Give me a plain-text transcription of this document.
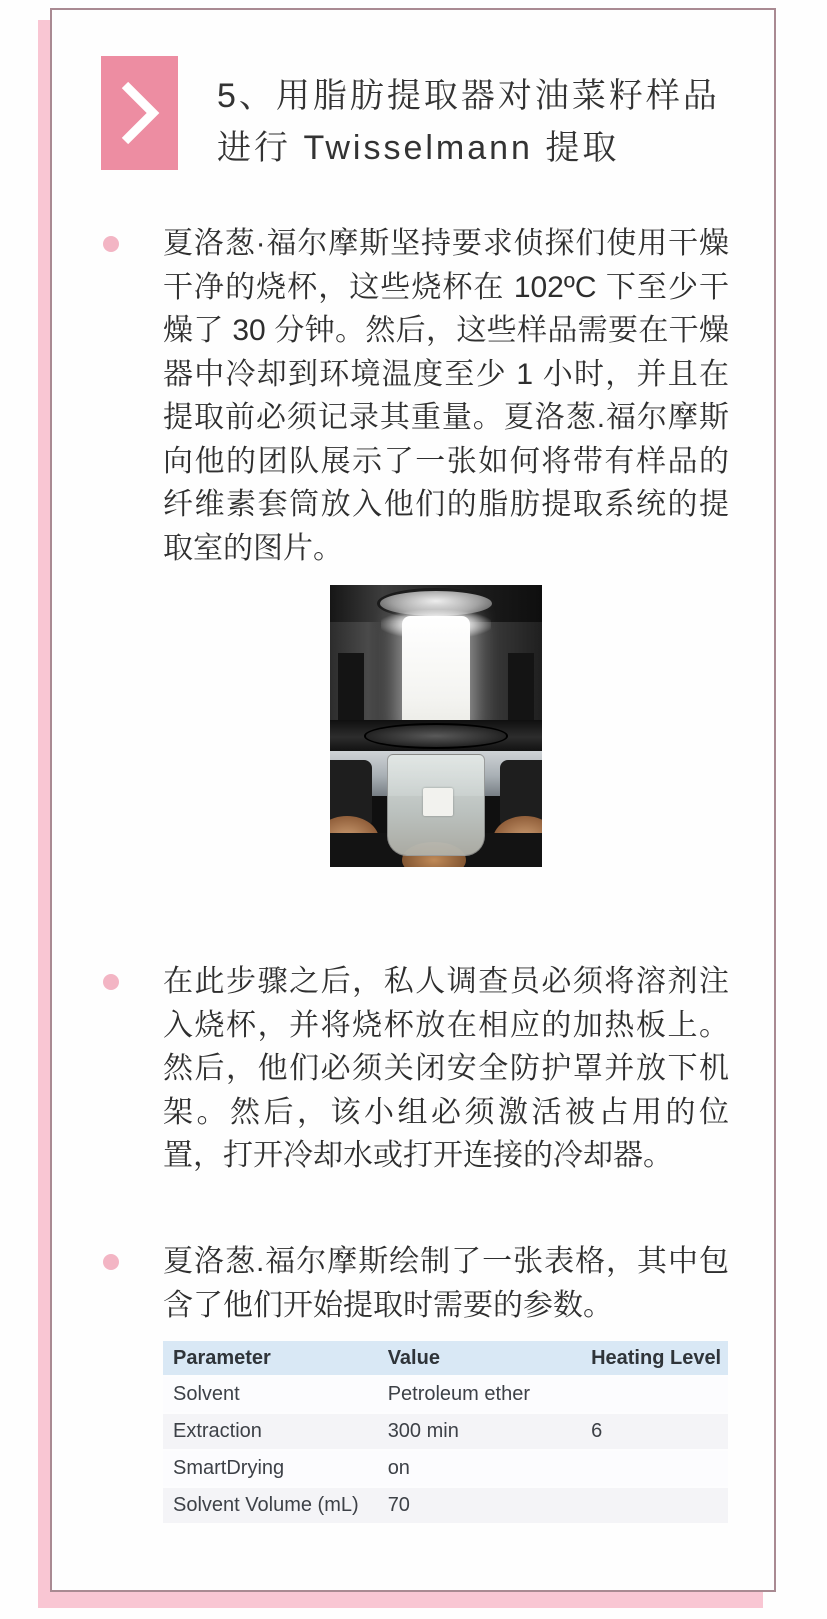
5、用脂肪提取器对油菜籽样品
进行 Twisselmann 提取

夏洛葱·福尔摩斯坚持要求侦探们使用干燥干净的烧杯，这些烧杯在 102ºC 下至少干燥了 30 分钟。然后，这些样品需要在干燥器中冷却到环境温度至少 1 小时，并且在提取前必须记录其重量。夏洛葱.福尔摩斯向他的团队展示了一张如何将带有样品的纤维素套筒放入他们的脂肪提取系统的提取室的图片。

在此步骤之后，私人调查员必须将溶剂注入烧杯，并将烧杯放在相应的加热板上。然后，他们必须关闭安全防护罩并放下机架。然后，该小组必须激活被占用的位置，打开冷却水或打开连接的冷却器。

夏洛葱.福尔摩斯绘制了一张表格，其中包含了他们开始提取时需要的参数。

Parameter	Value	Heating Level
Solvent	Petroleum ether	
Extraction	300 min	6
SmartDrying	on	
Solvent Volume (mL)	70	
